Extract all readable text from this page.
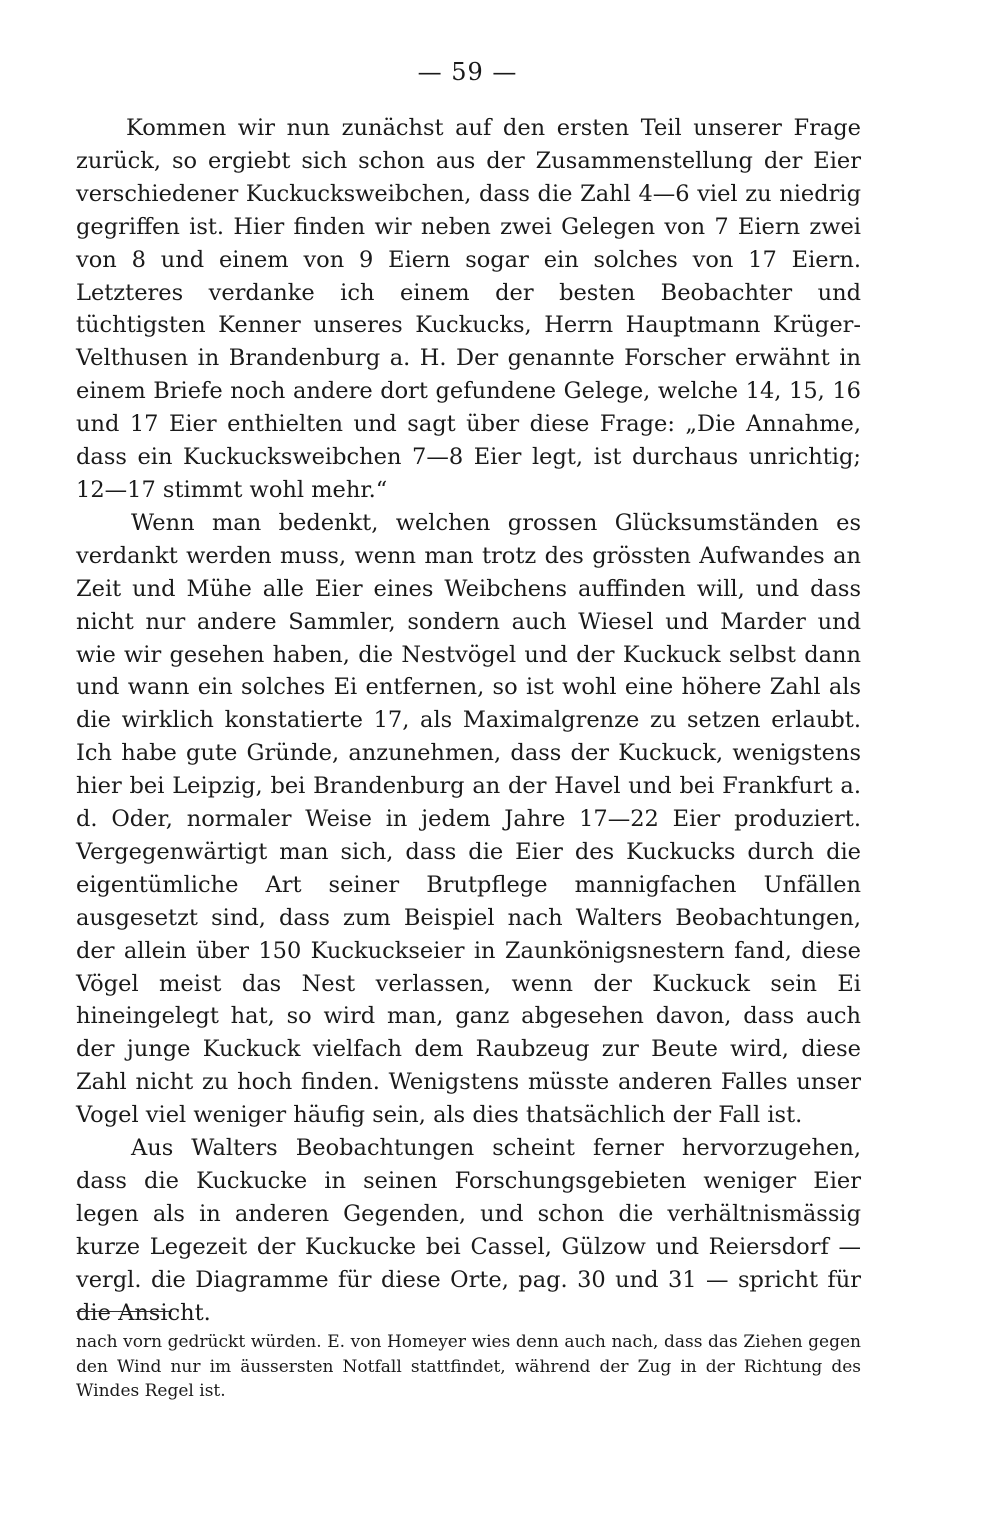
— 59 —

Kommen wir nun zunächst auf den ersten Teil unserer Frage zurück, so ergiebt sich schon aus der Zusammenstellung der Eier verschiedener Kuckucksweibchen, dass die Zahl 4—6 viel zu niedrig gegriffen ist. Hier finden wir neben zwei Gelegen von 7 Eiern zwei von 8 und einem von 9 Eiern sogar ein solches von 17 Eiern. Letzteres verdanke ich einem der besten Beobachter und tüchtigsten Kenner unseres Kuckucks, Herrn Hauptmann Krüger-Velthusen in Brandenburg a. H. Der genannte Forscher erwähnt in einem Briefe noch andere dort gefundene Gelege, welche 14, 15, 16 und 17 Eier enthielten und sagt über diese Frage: „Die Annahme, dass ein Kuckucksweibchen 7—8 Eier legt, ist durchaus unrichtig; 12—17 stimmt wohl mehr.“

Wenn man bedenkt, welchen grossen Glücksumständen es verdankt werden muss, wenn man trotz des grössten Aufwandes an Zeit und Mühe alle Eier eines Weibchens auffinden will, und dass nicht nur andere Sammler, sondern auch Wiesel und Marder und wie wir gesehen haben, die Nestvögel und der Kuckuck selbst dann und wann ein solches Ei entfernen, so ist wohl eine höhere Zahl als die wirklich konstatierte 17, als Maximalgrenze zu setzen erlaubt. Ich habe gute Gründe, anzunehmen, dass der Kuckuck, wenigstens hier bei Leipzig, bei Brandenburg an der Havel und bei Frankfurt a. d. Oder, normaler Weise in jedem Jahre 17—22 Eier produziert. Vergegenwärtigt man sich, dass die Eier des Kuckucks durch die eigentümliche Art seiner Brutpflege mannigfachen Unfällen ausgesetzt sind, dass zum Beispiel nach Walters Beobachtungen, der allein über 150 Kuckuckseier in Zaunkönigsnestern fand, diese Vögel meist das Nest verlassen, wenn der Kuckuck sein Ei hineingelegt hat, so wird man, ganz abgesehen davon, dass auch der junge Kuckuck vielfach dem Raubzeug zur Beute wird, diese Zahl nicht zu hoch finden. Wenigstens müsste anderen Falles unser Vogel viel weniger häufig sein, als dies thatsächlich der Fall ist.

Aus Walters Beobachtungen scheint ferner hervorzugehen, dass die Kuckucke in seinen Forschungsgebieten weniger Eier legen als in anderen Gegenden, und schon die verhältnismässig kurze Legezeit der Kuckucke bei Cassel, Gülzow und Reiersdorf — vergl. die Diagramme für diese Orte, pag. 30 und 31 — spricht für die Ansicht.

nach vorn gedrückt würden. E. von Homeyer wies denn auch nach, dass das Ziehen gegen den Wind nur im äussersten Notfall stattfindet, während der Zug in der Richtung des Windes Regel ist.
